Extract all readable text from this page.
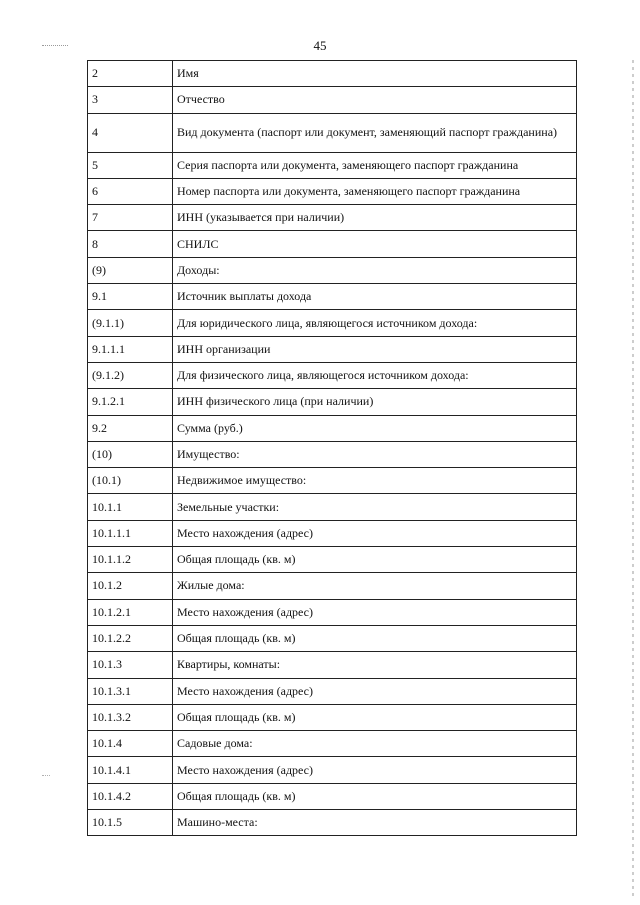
45
2	Имя
3	Отчество
4	Вид документа (паспорт или документ, заменяющий паспорт гражданина)
5	Серия паспорта или документа, заменяющего паспорт гражданина
6	Номер паспорта или документа, заменяющего паспорт гражданина
7	ИНН (указывается при наличии)
8	СНИЛС
(9)	Доходы:
9.1	Источник выплаты дохода
(9.1.1)	Для юридического лица, являющегося источником дохода:
9.1.1.1	ИНН организации
(9.1.2)	Для физического лица, являющегося источником дохода:
9.1.2.1	ИНН физического лица (при наличии)
9.2	Сумма (руб.)
(10)	Имущество:
(10.1)	Недвижимое имущество:
10.1.1	Земельные участки:
10.1.1.1	Место нахождения (адрес)
10.1.1.2	Общая площадь (кв. м)
10.1.2	Жилые дома:
10.1.2.1	Место нахождения (адрес)
10.1.2.2	Общая площадь (кв. м)
10.1.3	Квартиры, комнаты:
10.1.3.1	Место нахождения (адрес)
10.1.3.2	Общая площадь (кв. м)
10.1.4	Садовые дома:
10.1.4.1	Место нахождения (адрес)
10.1.4.2	Общая площадь (кв. м)
10.1.5	Машино-места:
